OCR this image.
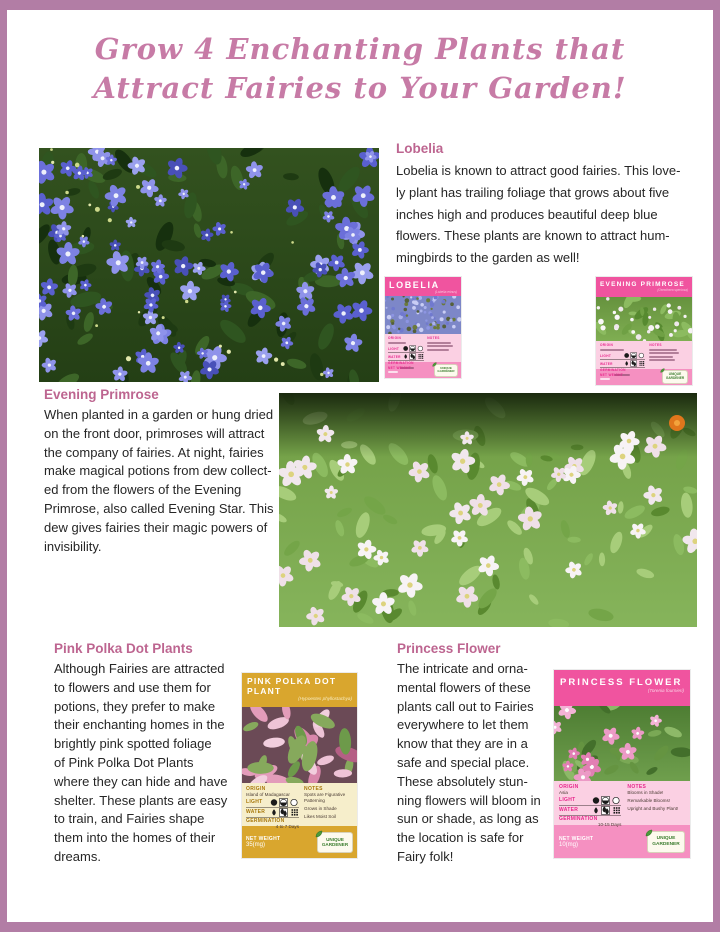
Grow 4 Enchanting Plants that
Attract Fairies to Your Garden!
Lobelia
Lobelia is known to attract good fairies. This love-
ly plant has trailing foliage that grows about five
inches high and produces beautiful deep blue
flowers. These plants are known to attract hum-
mingbirds to the garden as well!
LOBELIA
(Lobelia erinus)
ORIGIN
LIGHT
WATER
GERMINATION
NOTES
NET WEIGHT	UNIQUE
GARDENER
EVENING PRIMROSE
(Oenothera speciosa)
ORIGIN
LIGHT
WATER
GERMINATION
NOTES
NET WEIGHT	UNIQUE
GARDENER
Evening Primrose
When planted in a garden or hung dried
on the front door, primroses will attract
the company of fairies. At night, fairies
make magical potions from dew collect-
ed from the flowers of the Evening
Primrose, also called Evening Star. This
dew gives fairies their magic powers of
invisibility.
Pink Polka Dot Plants
Although Fairies are attracted
to flowers and use them for
potions, they prefer to make
their enchanting homes in the
brightly pink spotted foliage
of Pink Polka Dot Plants
where they can hide and have
shelter. These plants are easy
to train, and Fairies shape
them into the homes of their
dreams.
PINK POLKA DOT
PLANT
(Hypoestes phyllostachya)
ORIGIN
Island of Madagascar
LIGHT
WATER
GERMINATION
4 to 7 Days
NOTES
Spots are Figurative Patterning
Grows in Shade
Likes Moist Soil
NET WEIGHT
35(mg)
UNIQUE
GARDENER
Princess Flower
The intricate and orna-
mental flowers of these
plants call out to Fairies
everywhere to let them
know that they are in a
safe and special place.
These absolutely stun-
ning flowers will bloom in
sun or shade, as long as
the location is safe for
Fairy folk!
PRINCESS FLOWER
(Torenia fournieri)
ORIGIN
Asia
LIGHT
WATER
GERMINATION
10-15 Days
NOTES
Blooms in Shade!
Remarkable Blooms!
Upright and Bushy Plant!
NET WEIGHT
10(mg)
UNIQUE
GARDENER
